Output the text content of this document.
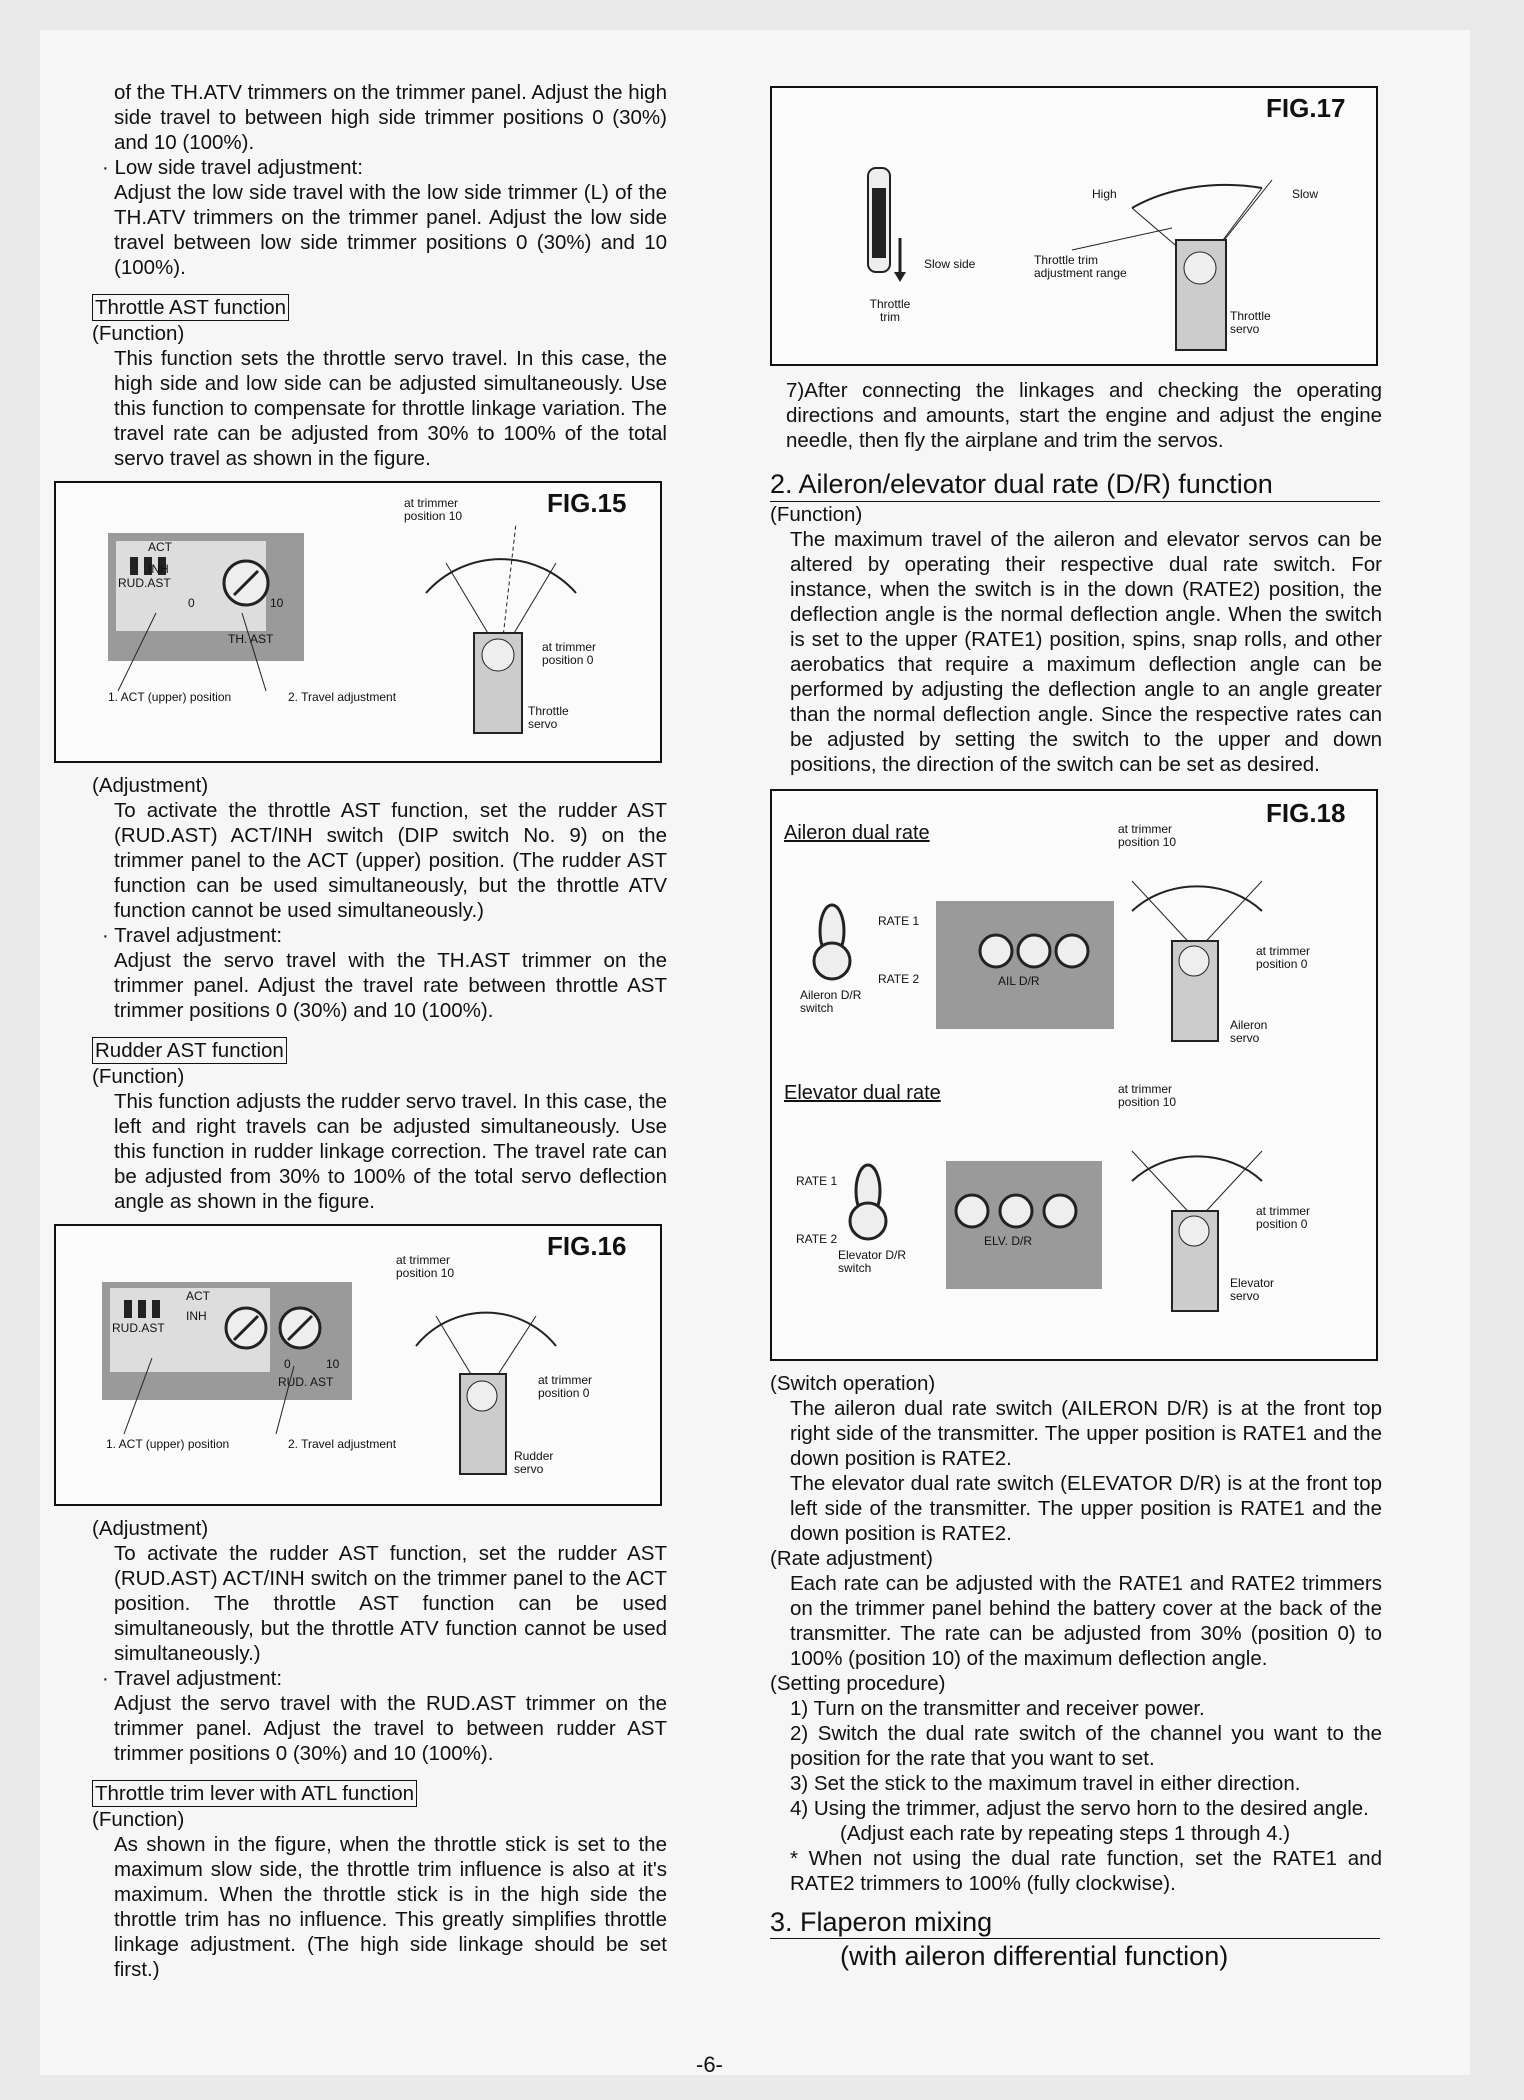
of the TH.ATV trimmers on the trimmer panel. Adjust the high side travel to between high side trimmer positions 0 (30%) and 10 (100%).

· Low side travel adjustment:

Adjust the low side travel with the low side trimmer (L) of the TH.ATV trimmers on the trimmer panel. Adjust the low side travel between low side trimmer positions 0 (30%) and 10 (100%).

Throttle AST function

(Function)

This function sets the throttle servo travel. In this case, the high side and low side can be adjusted simultaneously. Use this function to compensate for throttle linkage variation. The travel rate can be adjusted from 30% to 100% of the total servo travel as shown in the figure.

FIG.15
at trimmer position 10
at trimmer position 0
ACT
INH
RUD.AST
0	10
TH. AST
1. ACT (upper) position	2. Travel adjustment
Throttle servo

(Adjustment)

To activate the throttle AST function, set the rudder AST (RUD.AST) ACT/INH switch (DIP switch No. 9) on the trimmer panel to the ACT (upper) position. (The rudder AST function can be used simultaneously, but the throttle ATV function cannot be used simultaneously.)

· Travel adjustment:

Adjust the servo travel with the TH.AST trimmer on the trimmer panel. Adjust the travel rate between throttle AST trimmer positions 0 (30%) and 10 (100%).

Rudder AST function

(Function)

This function adjusts the rudder servo travel. In this case, the left and right travels can be adjusted simultaneously. Use this function in rudder linkage correction. The travel rate can be adjusted from 30% to 100% of the total servo deflection angle as shown in the figure.

FIG.16
at trimmer position 10
at trimmer position 0
ACT
INH
RUD.AST
0	10
RUD. AST
1. ACT (upper) position	2. Travel adjustment
Rudder servo

(Adjustment)

To activate the rudder AST function, set the rudder AST (RUD.AST) ACT/INH switch on the trimmer panel to the ACT position. The throttle AST function can be used simultaneously, but the throttle ATV function cannot be used simultaneously.)

· Travel adjustment:

Adjust the servo travel with the RUD.AST trimmer on the trimmer panel. Adjust the travel to between rudder AST trimmer positions 0 (30%) and 10 (100%).

Throttle trim lever with ATL function

(Function)

As shown in the figure, when the throttle stick is set to the maximum slow side, the throttle trim influence is also at it's maximum. When the throttle stick is in the high side the throttle trim has no influence. This greatly simplifies throttle linkage adjustment. (The high side linkage should be set first.)

FIG.17
High	Slow
Slow side	Throttle trim adjustment range
Throttle trim	Throttle servo

7)After connecting the linkages and checking the operating directions and amounts, start the engine and adjust the engine needle, then fly the airplane and trim the servos.

2. Aileron/elevator dual rate (D/R) function

(Function)

The maximum travel of the aileron and elevator servos can be altered by operating their respective dual rate switch. For instance, when the switch is in the down (RATE2) position, the deflection angle is the normal deflection angle. When the switch is set to the upper (RATE1) position, spins, snap rolls, and other aerobatics that require a maximum deflection angle can be performed by adjusting the deflection angle to an angle greater than the normal deflection angle. Since the respective rates can be adjusted by setting the switch to the upper and down positions, the direction of the switch can be set as desired.

FIG.18
Aileron dual rate
Elevator dual rate
at trimmer position 10
at trimmer position 0
RATE 1
RATE 2
Aileron D/R switch
AIL D/R
Aileron servo
at trimmer position 10
at trimmer position 0
RATE 1
RATE 2
Elevator D/R switch
ELV. D/R
Elevator servo

(Switch operation)

The aileron dual rate switch (AILERON D/R) is at the front top right side of the transmitter. The upper position is RATE1 and the down position is RATE2.

The elevator dual rate switch (ELEVATOR D/R) is at the front top left side of the transmitter. The upper position is RATE1 and the down position is RATE2.

(Rate adjustment)

Each rate can be adjusted with the RATE1 and RATE2 trimmers on the trimmer panel behind the battery cover at the back of the transmitter. The rate can be adjusted from 30% (position 0) to 100% (position 10) of the maximum deflection angle.

(Setting procedure)

1) Turn on the transmitter and receiver power.

2) Switch the dual rate switch of the channel you want to the position for the rate that you want to set.

3) Set the stick to the maximum travel in either direction.

4) Using the trimmer, adjust the servo horn to the desired angle.

(Adjust each rate by repeating steps 1 through 4.)

* When not using the dual rate function, set the RATE1 and RATE2 trimmers to 100% (fully clockwise).

3. Flaperon mixing
(with aileron differential function)
-6-
